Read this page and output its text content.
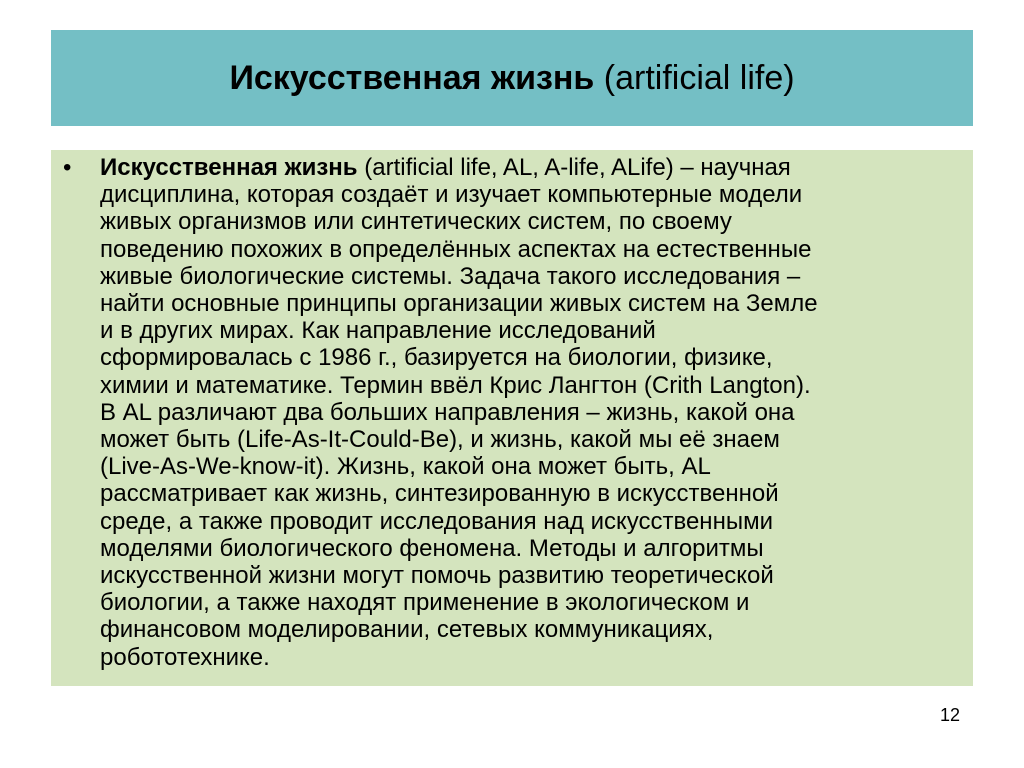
Искусственная жизнь (artificial life)
• Искусственная жизнь (artificial life, AL, A-life, ALife) – научная
дисциплина, которая создаёт и изучает компьютерные модели
живых организмов или синтетических систем, по своему
поведению похожих в определённых аспектах на естественные
живые биологические системы. Задача такого исследования –
найти основные принципы организации живых систем на Земле
и в других мирах. Как направление исследований
сформировалась с 1986 г., базируется на биологии, физике,
химии и математике. Термин ввёл Крис Лангтон (Crith Langton).
В AL различают два больших направления – жизнь, какой она
может быть (Life-As-It-Could-Be), и жизнь, какой мы её знаем
(Live-As-We-know-it). Жизнь, какой она может быть, AL
рассматривает как жизнь, синтезированную в искусственной
среде, а также проводит исследования над искусственными
моделями биологического феномена. Методы и алгоритмы
искусственной жизни могут помочь развитию теоретической
биологии, а также находят применение в экологическом и
финансовом моделировании, сетевых коммуникациях,
робототехнике.

12
